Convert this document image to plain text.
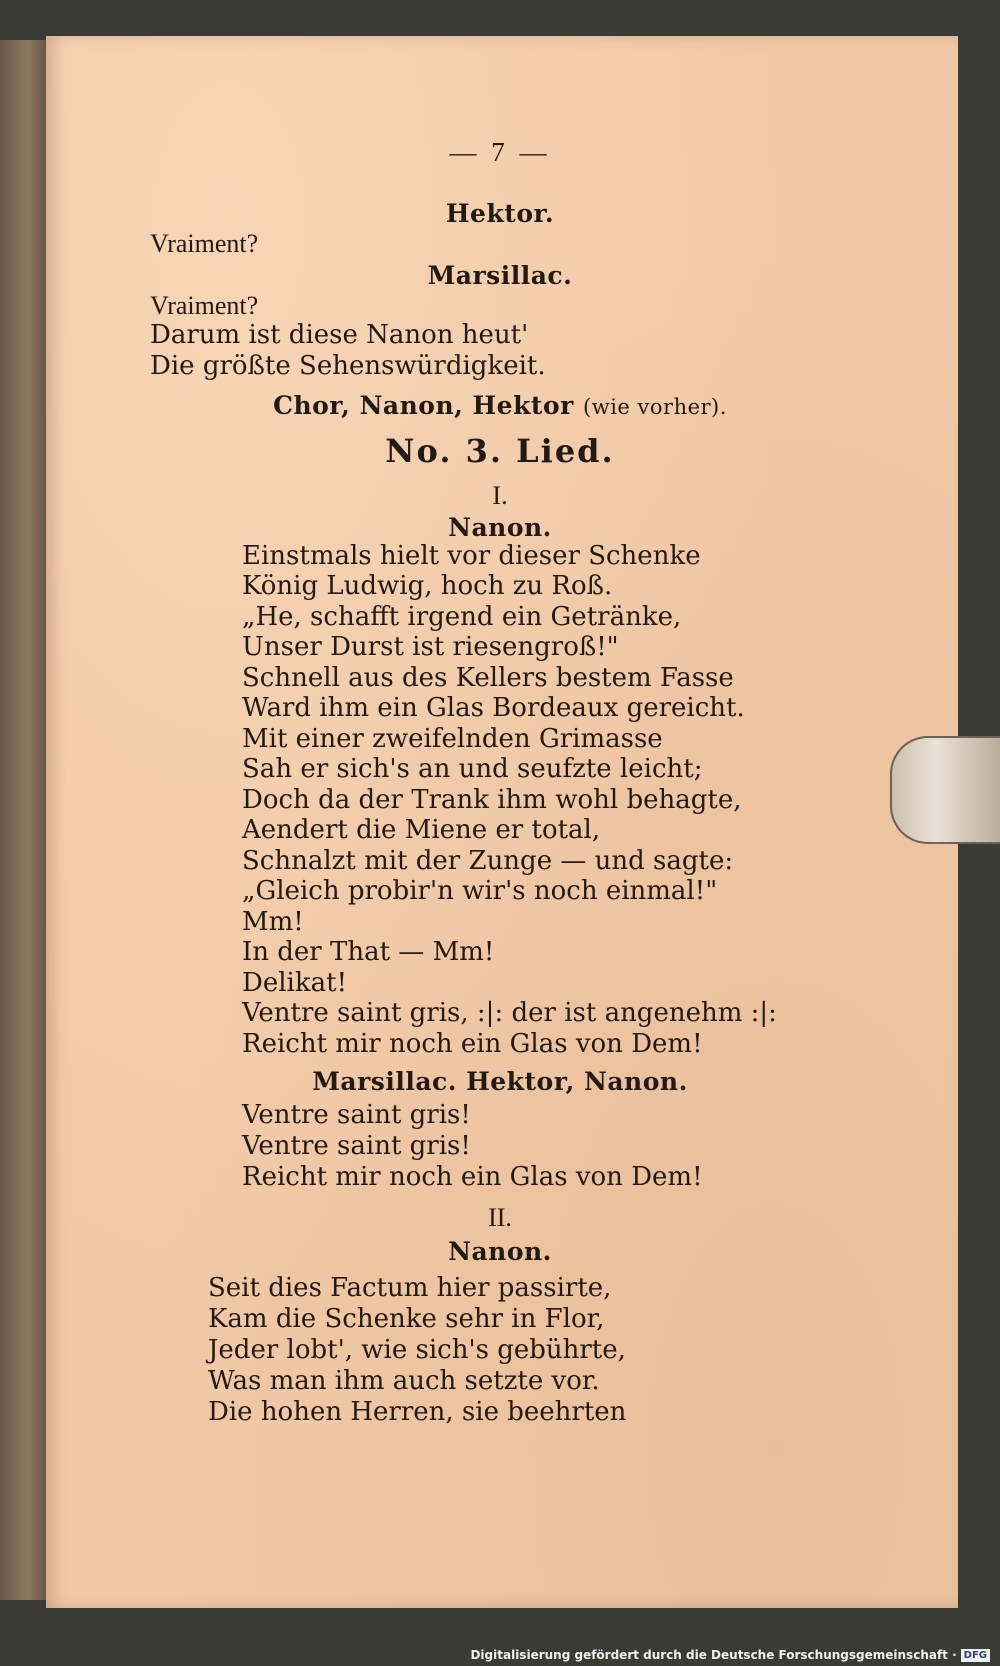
— 7 —
Hektor.
Vraiment?
Marsillac.
Vraiment?
Darum ist diese Nanon heut'
Die größte Sehenswürdigkeit.
Chor, Nanon, Hektor (wie vorher).
No. 3. Lied.
I.
Nanon.
Einstmals hielt vor dieser Schenke
König Ludwig, hoch zu Roß.
„He, schafft irgend ein Getränke,
Unser Durst ist riesengroß!"
Schnell aus des Kellers bestem Fasse
Ward ihm ein Glas Bordeaux gereicht.
Mit einer zweifelnden Grimasse
Sah er sich's an und seufzte leicht;
Doch da der Trank ihm wohl behagte,
Aendert die Miene er total,
Schnalzt mit der Zunge — und sagte:
„Gleich probir'n wir's noch einmal!"
Mm!
In der That — Mm!
Delikat!
Ventre saint gris, :|: der ist angenehm :|:
Reicht mir noch ein Glas von Dem!
Marsillac. Hektor, Nanon.
Ventre saint gris!
Ventre saint gris!
Reicht mir noch ein Glas von Dem!
II.
Nanon.
Seit dies Factum hier passirte,
Kam die Schenke sehr in Flor,
Jeder lobt', wie sich's gebührte,
Was man ihm auch setzte vor.
Die hohen Herren, sie beehrten
Digitalisierung gefördert durch die Deutsche Forschungsgemeinschaft · DFG
